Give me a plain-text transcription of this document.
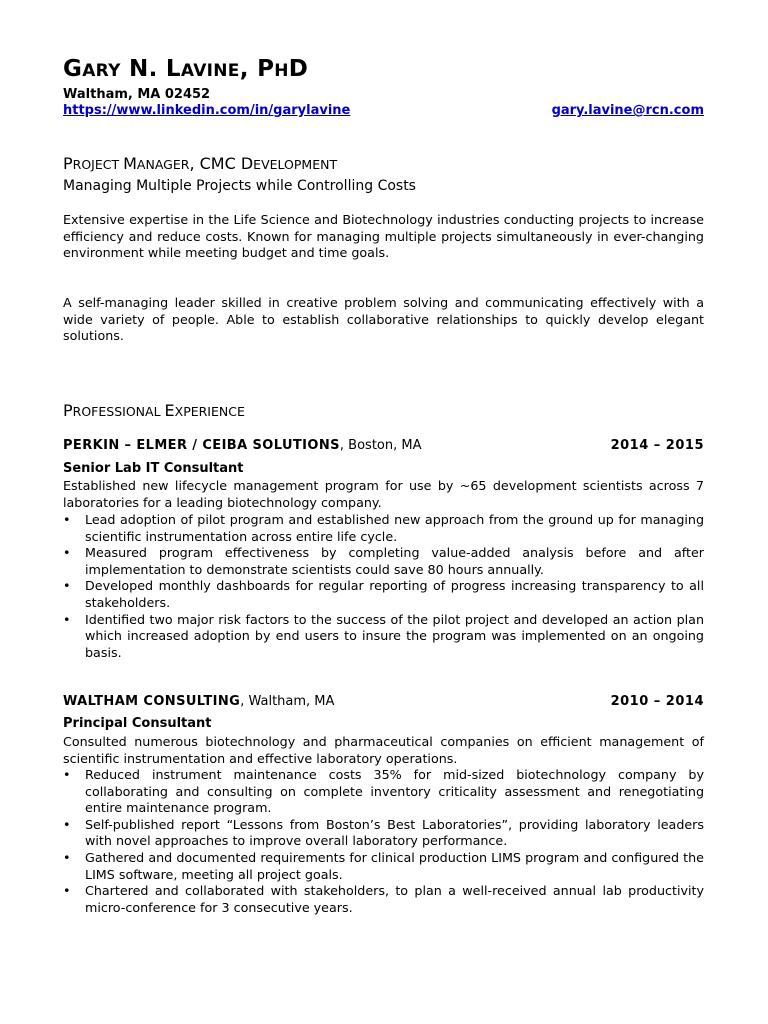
GARY N. LAVINE, PHD

Waltham, MA 02452

https://www.linkedin.com/in/garylavine	gary.lavine@rcn.com
PROJECT MANAGER, CMC DEVELOPMENT

Managing Multiple Projects while Controlling Costs

Extensive expertise in the Life Science and Biotechnology industries conducting projects to increase efficiency and reduce costs. Known for managing multiple projects simultaneously in ever-changing environment while meeting budget and time goals.

A self-managing leader skilled in creative problem solving and communicating effectively with a wide variety of people. Able to establish collaborative relationships to quickly develop elegant solutions.

PROFESSIONAL EXPERIENCE
PERKIN – ELMER / CEIBA SOLUTIONS, Boston, MA	2014 – 2015

Senior Lab IT Consultant

Established new lifecycle management program for use by ~65 development scientists across 7 laboratories for a leading biotechnology company.

• Lead adoption of pilot program and established new approach from the ground up for managing scientific instrumentation across entire life cycle.
• Measured program effectiveness by completing value-added analysis before and after implementation to demonstrate scientists could save 80 hours annually.
• Developed monthly dashboards for regular reporting of progress increasing transparency to all stakeholders.
• Identified two major risk factors to the success of the pilot project and developed an action plan which increased adoption by end users to insure the program was implemented on an ongoing basis.
WALTHAM CONSULTING, Waltham, MA	2010 – 2014

Principal Consultant

Consulted numerous biotechnology and pharmaceutical companies on efficient management of scientific instrumentation and effective laboratory operations.

• Reduced instrument maintenance costs 35% for mid-sized biotechnology company by collaborating and consulting on complete inventory criticality assessment and renegotiating entire maintenance program.
• Self-published report “Lessons from Boston’s Best Laboratories”, providing laboratory leaders with novel approaches to improve overall laboratory performance.
• Gathered and documented requirements for clinical production LIMS program and configured the LIMS software, meeting all project goals.
• Chartered and collaborated with stakeholders, to plan a well-received annual lab productivity micro-conference for 3 consecutive years.
